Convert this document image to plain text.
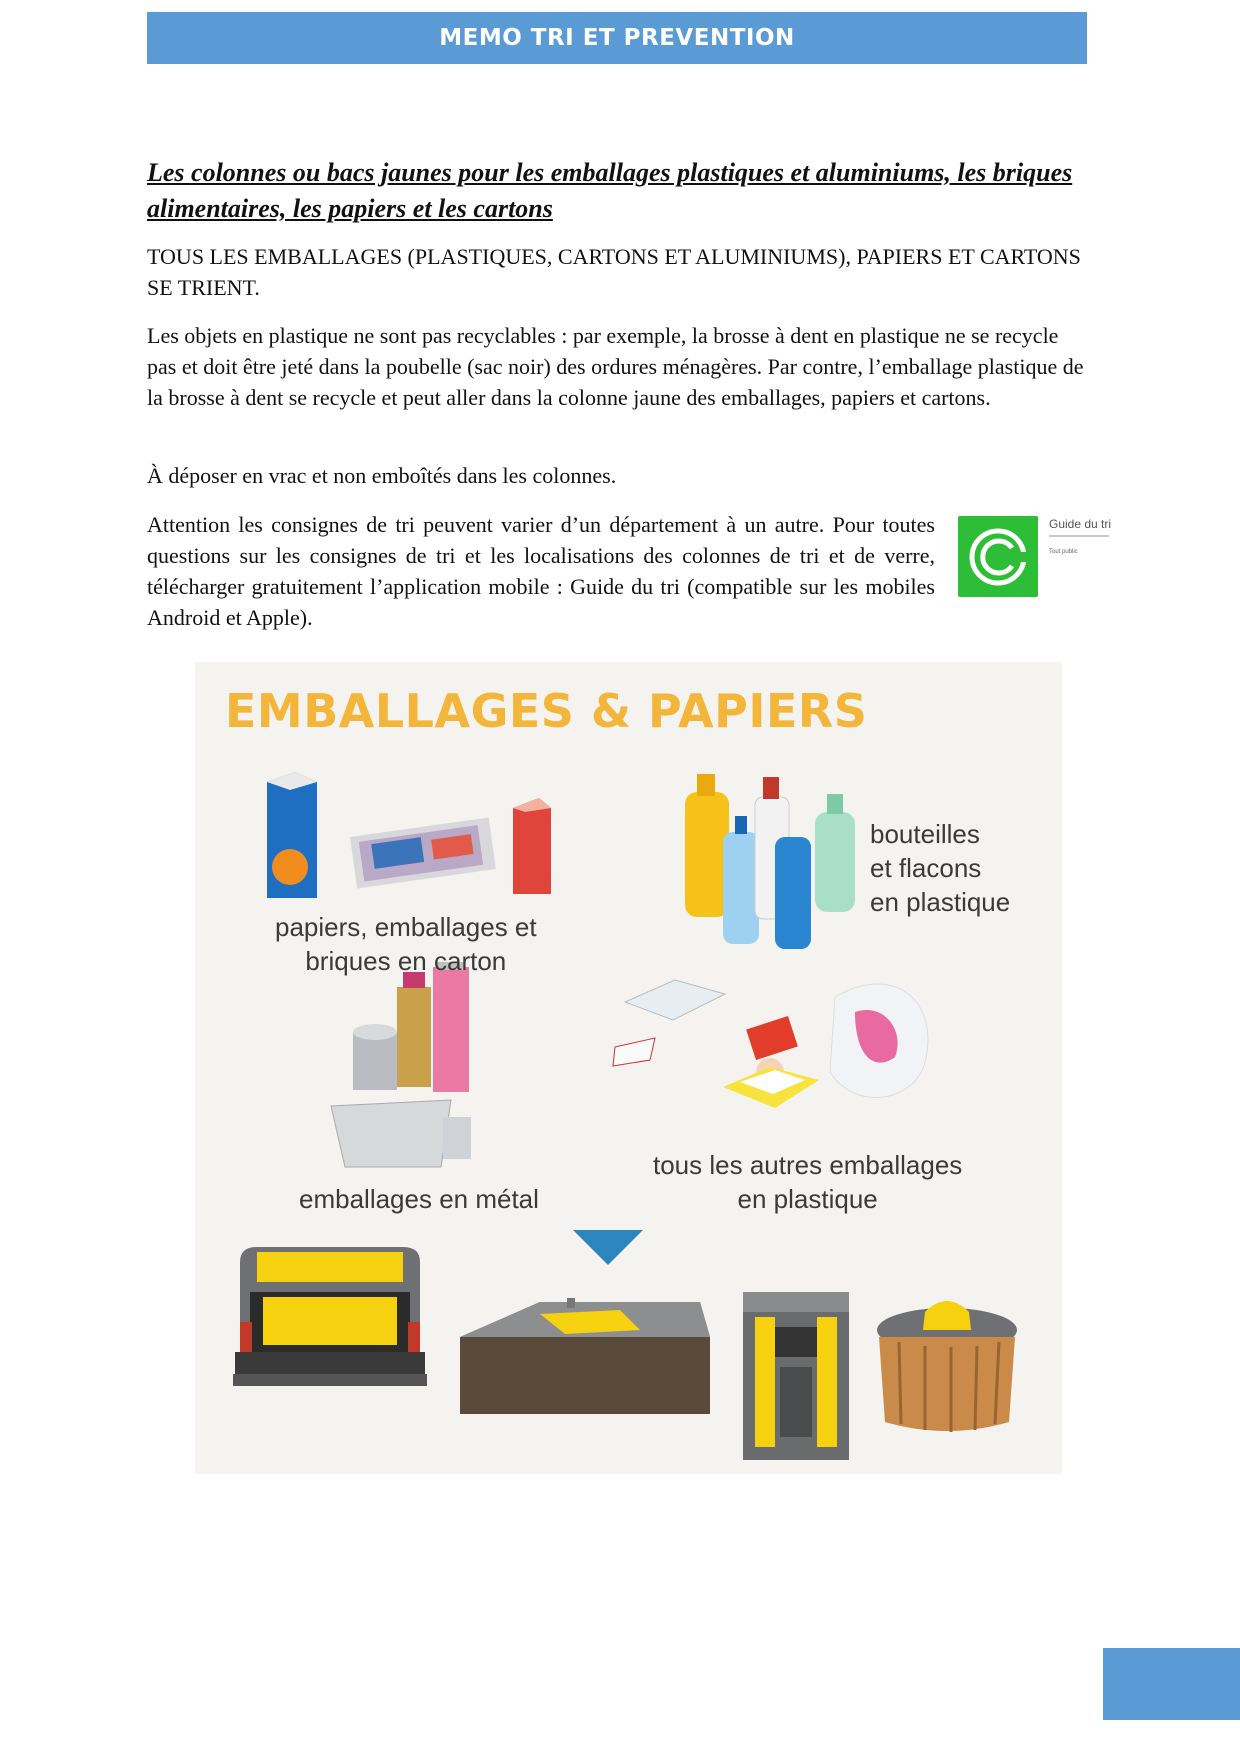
MEMO TRI ET PREVENTION

Les colonnes ou bacs jaunes pour les emballages plastiques et aluminiums, les briques alimentaires, les papiers et les cartons

TOUS LES EMBALLAGES (PLASTIQUES, CARTONS ET ALUMINIUMS), PAPIERS ET CARTONS SE TRIENT.

Les objets en plastique ne sont pas recyclables : par exemple, la brosse à dent en plastique ne se recycle pas et doit être jeté dans la poubelle (sac noir) des ordures ménagères. Par contre, l’emballage plastique de la brosse à dent se recycle et peut aller dans la colonne jaune des emballages, papiers et cartons.

À déposer en vrac et non emboîtés dans les colonnes.

Attention les consignes de tri peuvent varier d’un département à un autre. Pour toutes questions sur les consignes de tri et les localisations des colonnes de tri et de verre, télécharger gratuitement l’application mobile : Guide du tri (compatible sur les mobiles Android et Apple).

Guide du tri
Tout public
EMBALLAGES & PAPIERS
papiers, emballages et
briques en carton
bouteilles
et flacons
en plastique
emballages en métal
tous les autres emballages
en plastique
